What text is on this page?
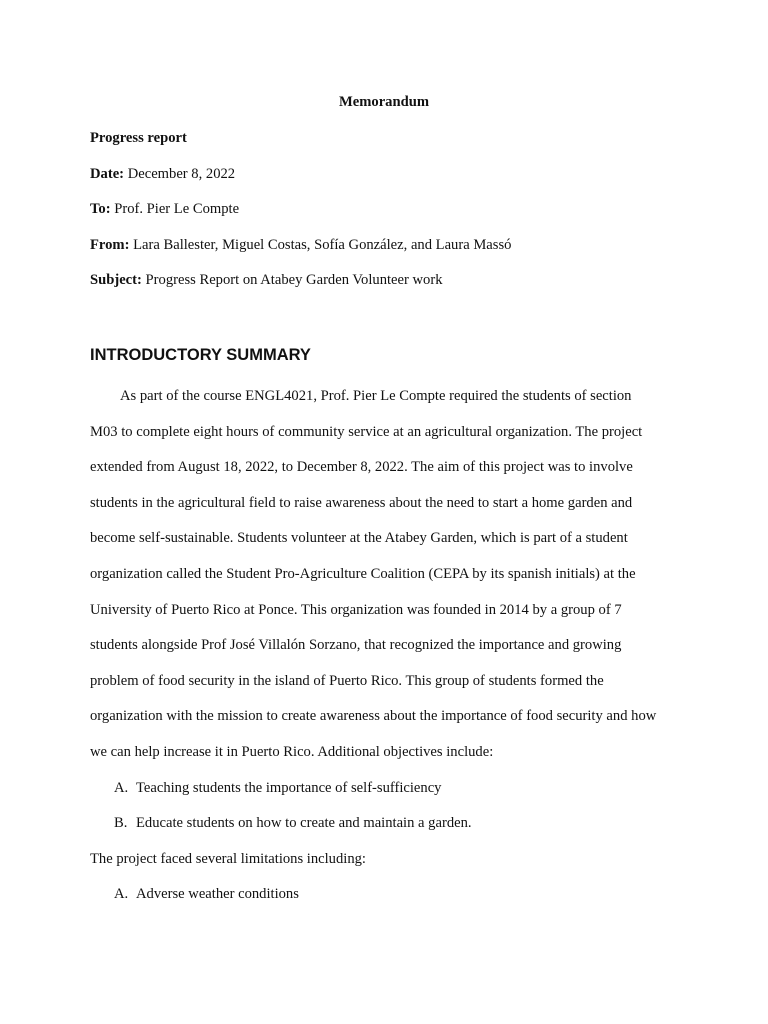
Memorandum
Progress report
Date: December 8, 2022
To: Prof. Pier Le Compte
From: Lara Ballester, Miguel Costas, Sofía González, and Laura Massó
Subject: Progress Report on Atabey Garden Volunteer work
INTRODUCTORY SUMMARY
As part of the course ENGL4021, Prof. Pier Le Compte required the students of section
M03 to complete eight hours of community service at an agricultural organization. The project
extended from August 18, 2022, to December 8, 2022. The aim of this project was to involve
students in the agricultural field to raise awareness about the need to start a home garden and
become self-sustainable. Students volunteer at the Atabey Garden, which is part of a student
organization called the Student Pro-Agriculture Coalition (CEPA by its spanish initials) at the
University of Puerto Rico at Ponce. This organization was founded in 2014 by a group of 7
students alongside Prof José Villalón Sorzano, that recognized the importance and growing
problem of food security in the island of Puerto Rico. This group of students formed the
organization with the mission to create awareness about the importance of food security and how
we can help increase it in Puerto Rico. Additional objectives include:
A. Teaching students the importance of self-sufficiency
B. Educate students on how to create and maintain a garden.
The project faced several limitations including:
A. Adverse weather conditions
